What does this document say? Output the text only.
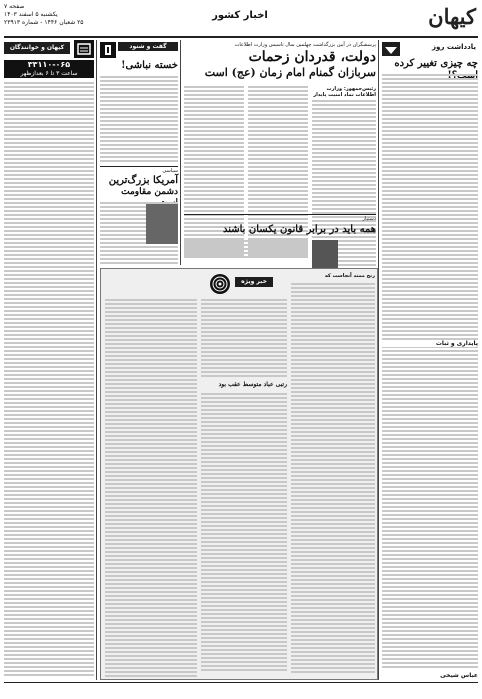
صفحه ۷
یکشنبه ۵ اسفند ۱۴۰۳
۲۵ شعبان ۱۴۴۶ - شماره ۲۳۹۱۳
اخبار کشور	کیهان
یادداشت روز
چه چیزی تغییر کرده
پایداری و ثبات
عباس شیخی
پرسشگران در آیین بزرگداشت چهلمین سال تاسیس وزارت اطلاعات
دولت، قدردان زحمات
سربازان گمنام امام زمان (عج) است
رئیس‌جمهور: وزارت اطلاعات نماد امنیت پایدار
دستیار
همه باید در برابر قانون یکسان باشند
گفت و شنود
خسته نباشی!
سیاسی
آمریکا بزرگ‌ترین
دشمن مقاومت
کیهان و خوانندگان
۳۳۱۱۰-۰۶۵
ساعت ۳ تا ۶ بعدازظهر
خبر ویژه
رنج ممتد آنجاست که
رتبی عباد متوسط عقب بود
